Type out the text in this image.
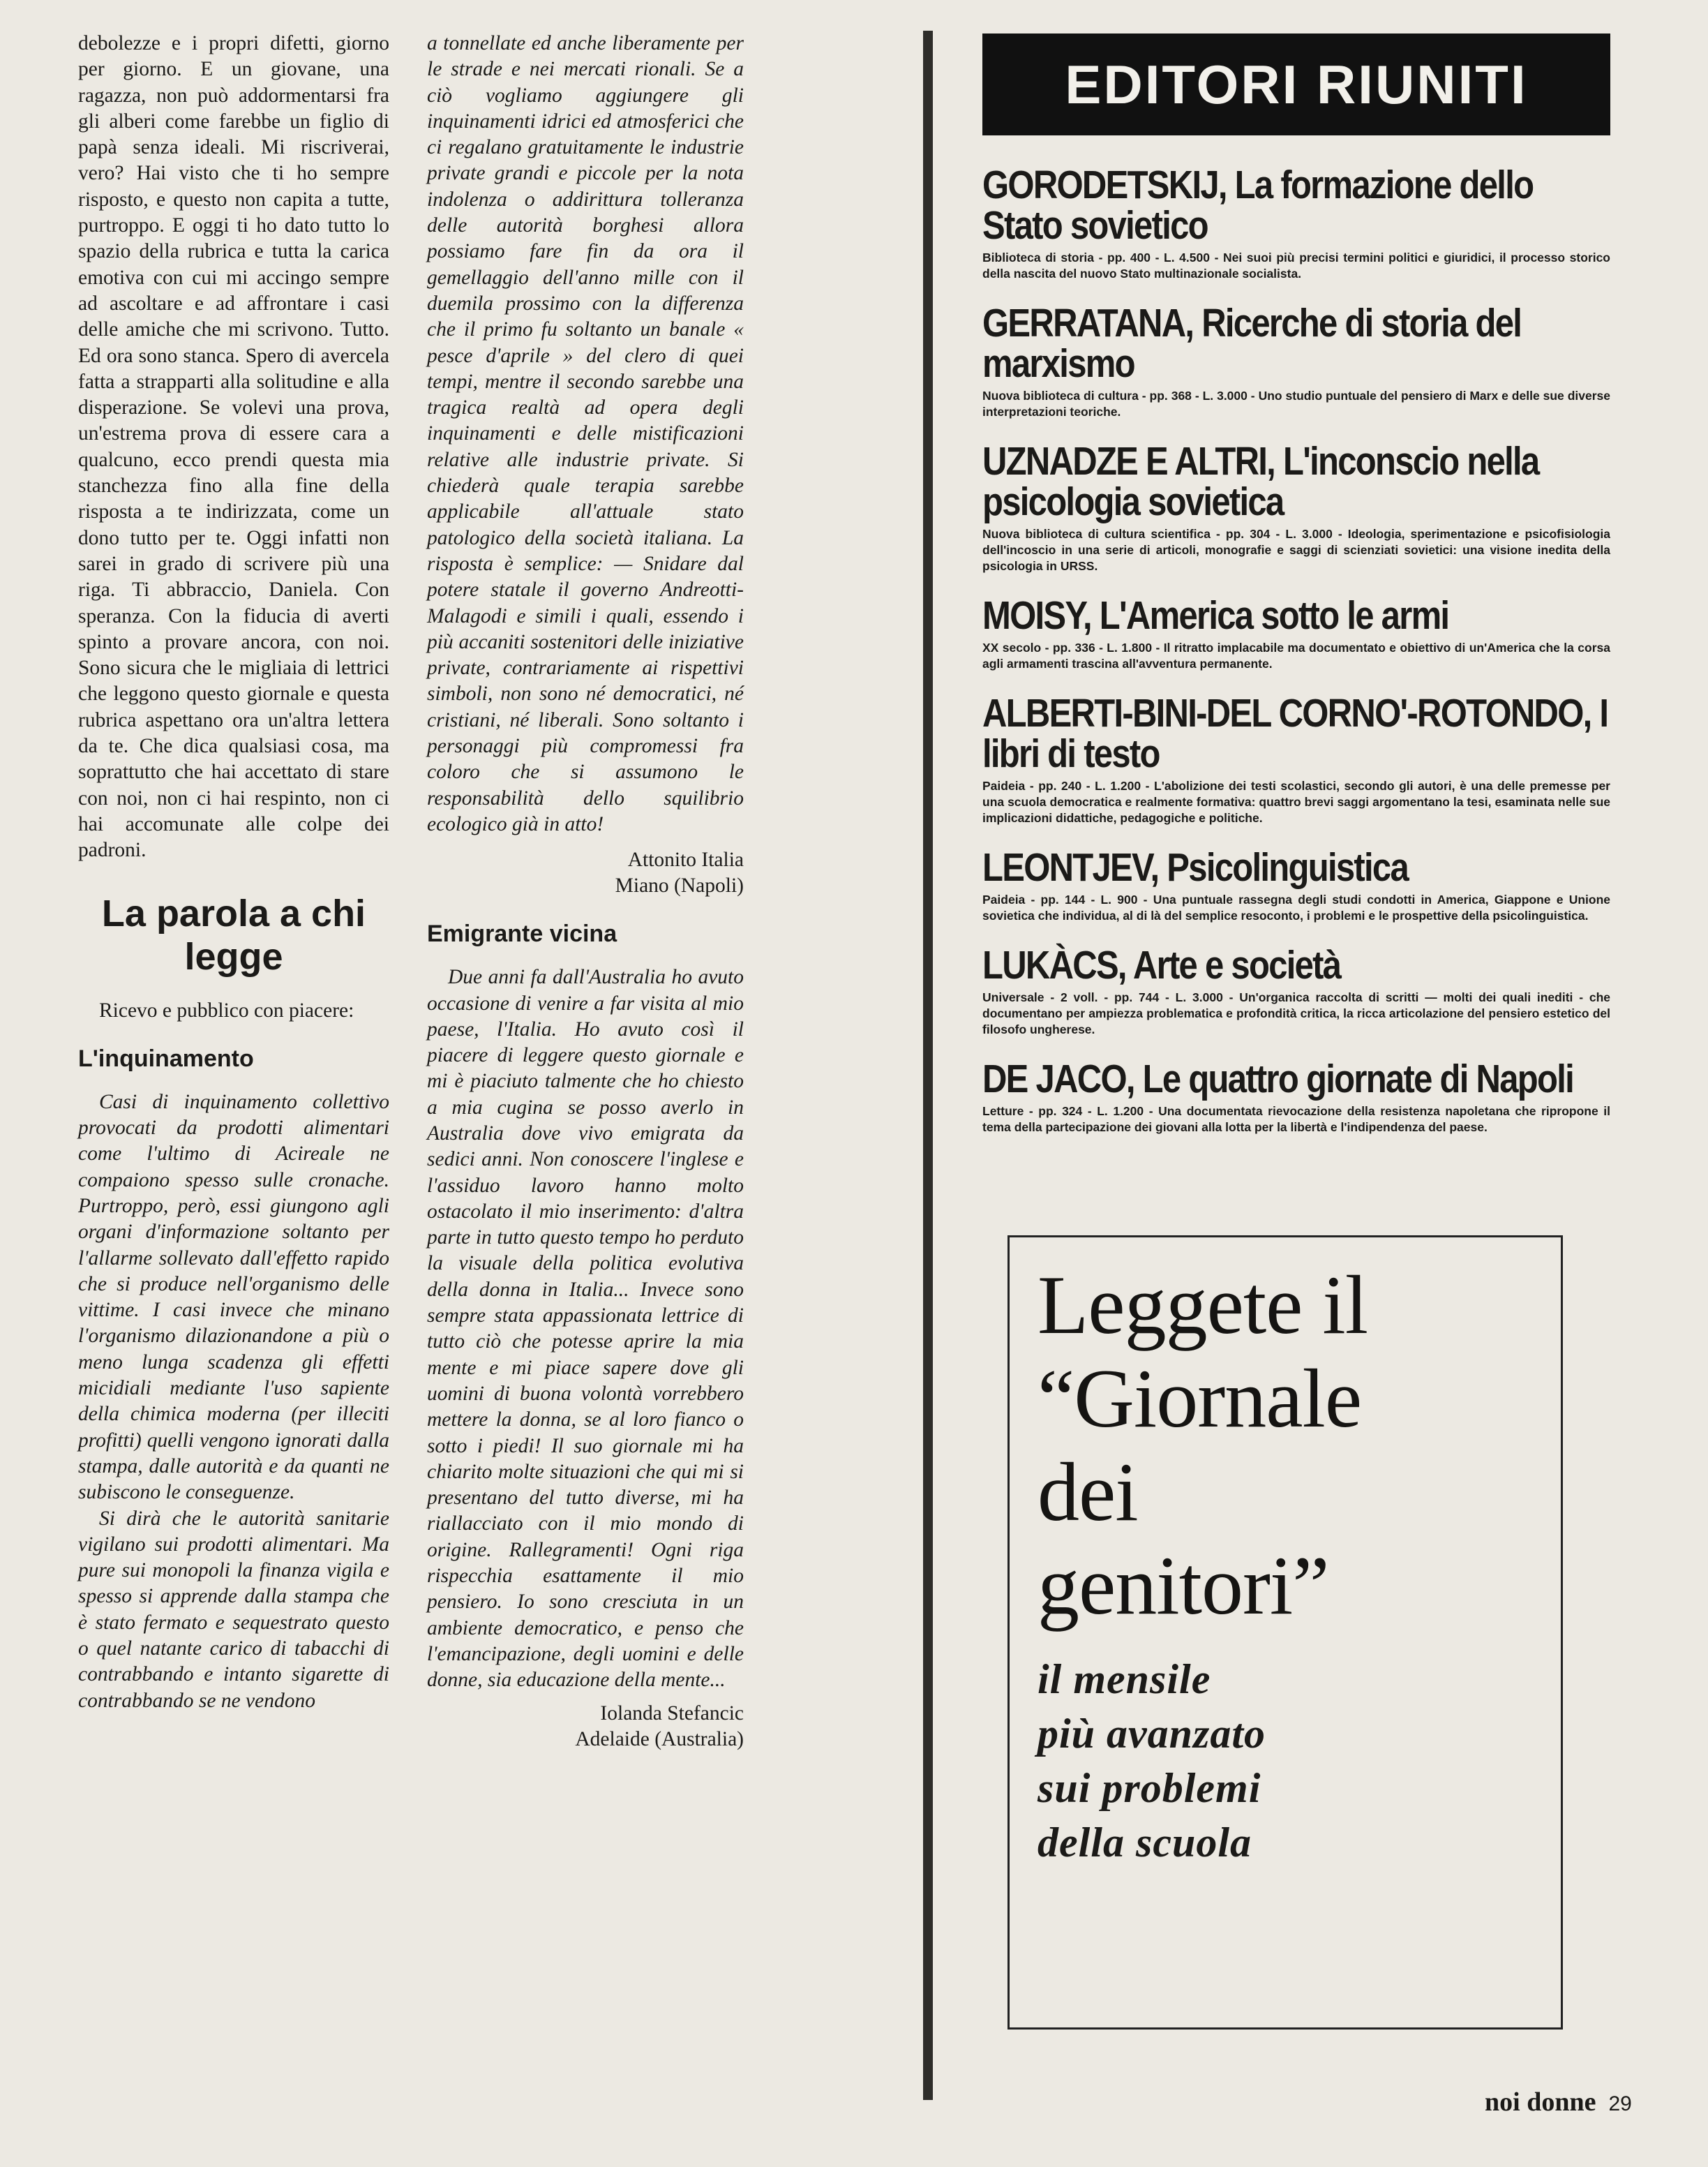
debolezze e i propri difetti, giorno per giorno. E un giovane, una ragazza, non può addormentarsi fra gli alberi come farebbe un figlio di papà senza ideali. Mi riscriverai, vero? Hai visto che ti ho sempre risposto, e questo non capita a tutte, purtroppo. E oggi ti ho dato tutto lo spazio della rubrica e tutta la carica emotiva con cui mi accingo sempre ad ascoltare e ad affrontare i casi delle amiche che mi scrivono. Tutto. Ed ora sono stanca. Spero di avercela fatta a strapparti alla solitudine e alla disperazione. Se volevi una prova, un'estrema prova di essere cara a qualcuno, ecco prendi questa mia stanchezza fino alla fine della risposta a te indirizzata, come un dono tutto per te. Oggi infatti non sarei in grado di scrivere più una riga. Ti abbraccio, Daniela. Con speranza. Con la fiducia di averti spinto a provare ancora, con noi. Sono sicura che le migliaia di lettrici che leggono questo giornale e questa rubrica aspettano ora un'altra lettera da te. Che dica qualsiasi cosa, ma soprattutto che hai accettato di stare con noi, non ci hai respinto, non ci hai accomunate alle colpe dei padroni.

La parola a chi legge

Ricevo e pubblico con piacere:

L'inquinamento

Casi di inquinamento collettivo provocati da prodotti alimentari come l'ultimo di Acireale ne compaiono spesso sulle cronache. Purtroppo, però, essi giungono agli organi d'informazione soltanto per l'allarme sollevato dall'effetto rapido che si produce nell'organismo delle vittime. I casi invece che minano l'organismo dilazionandone a più o meno lunga scadenza gli effetti micidiali mediante l'uso sapiente della chimica moderna (per illeciti profitti) quelli vengono ignorati dalla stampa, dalle autorità e da quanti ne subiscono le conseguenze.

Si dirà che le autorità sanitarie vigilano sui prodotti alimentari. Ma pure sui monopoli la finanza vigila e spesso si apprende dalla stampa che è stato fermato e sequestrato questo o quel natante carico di tabacchi di contrabbando e intanto sigarette di contrabbando se ne vendono

a tonnellate ed anche liberamente per le strade e nei mercati rionali. Se a ciò vogliamo aggiungere gli inquinamenti idrici ed atmosferici che ci regalano gratuitamente le industrie private grandi e piccole per la nota indolenza o addirittura tolleranza delle autorità borghesi allora possiamo fare fin da ora il gemellaggio dell'anno mille con il duemila prossimo con la differenza che il primo fu soltanto un banale « pesce d'aprile » del clero di quei tempi, mentre il secondo sarebbe una tragica realtà ad opera degli inquinamenti e delle mistificazioni relative alle industrie private. Si chiederà quale terapia sarebbe applicabile all'attuale stato patologico della società italiana. La risposta è semplice: — Snidare dal potere statale il governo Andreotti-Malagodi e simili i quali, essendo i più accaniti sostenitori delle iniziative private, contrariamente ai rispettivi simboli, non sono né democratici, né cristiani, né liberali. Sono soltanto i personaggi più compromessi fra coloro che si assumono le responsabilità dello squilibrio ecologico già in atto!

Attonito Italia
Miano (Napoli)
Emigrante vicina

Due anni fa dall'Australia ho avuto occasione di venire a far visita al mio paese, l'Italia. Ho avuto così il piacere di leggere questo giornale e mi è piaciuto talmente che ho chiesto a mia cugina se posso averlo in Australia dove vivo emigrata da sedici anni. Non conoscere l'inglese e l'assiduo lavoro hanno molto ostacolato il mio inserimento: d'altra parte in tutto questo tempo ho perduto la visuale della politica evolutiva della donna in Italia... Invece sono sempre stata appassionata lettrice di tutto ciò che potesse aprire la mia mente e mi piace sapere dove gli uomini di buona volontà vorrebbero mettere la donna, se al loro fianco o sotto i piedi! Il suo giornale mi ha chiarito molte situazioni che qui mi si presentano del tutto diverse, mi ha riallacciato con il mio mondo di origine. Rallegramenti! Ogni riga rispecchia esattamente il mio pensiero. Io sono cresciuta in un ambiente democratico, e penso che l'emancipazione, degli uomini e delle donne, sia educazione della mente...

Iolanda Stefancic
Adelaide (Australia)
EDITORI RIUNITI
GORODETSKIJ, La formazione dello Stato sovietico
Biblioteca di storia - pp. 400 - L. 4.500 - Nei suoi più precisi termini politici e giuridici, il processo storico della nascita del nuovo Stato multinazionale socialista.
GERRATANA, Ricerche di storia del marxismo
Nuova biblioteca di cultura - pp. 368 - L. 3.000 - Uno studio puntuale del pensiero di Marx e delle sue diverse interpretazioni teoriche.
UZNADZE E ALTRI, L'inconscio nella psicologia sovietica
Nuova biblioteca di cultura scientifica - pp. 304 - L. 3.000 - Ideologia, sperimentazione e psicofisiologia dell'incoscio in una serie di articoli, monografie e saggi di scienziati sovietici: una visione inedita della psicologia in URSS.
MOISY, L'America sotto le armi
XX secolo - pp. 336 - L. 1.800 - Il ritratto implacabile ma documentato e obiettivo di un'America che la corsa agli armamenti trascina all'avventura permanente.
ALBERTI-BINI-DEL CORNO'-ROTONDO, I libri di testo
Paideia - pp. 240 - L. 1.200 - L'abolizione dei testi scolastici, secondo gli autori, è una delle premesse per una scuola democratica e realmente formativa: quattro brevi saggi argomentano la tesi, esaminata nelle sue implicazioni didattiche, pedagogiche e politiche.
LEONTJEV, Psicolinguistica
Paideia - pp. 144 - L. 900 - Una puntuale rassegna degli studi condotti in America, Giappone e Unione sovietica che individua, al di là del semplice resoconto, i problemi e le prospettive della psicolinguistica.
LUKÀCS, Arte e società
Universale - 2 voll. - pp. 744 - L. 3.000 - Un'organica raccolta di scritti — molti dei quali inediti - che documentano per ampiezza problematica e profondità critica, la ricca articolazione del pensiero estetico del filosofo ungherese.
DE JACO, Le quattro giornate di Napoli
Letture - pp. 324 - L. 1.200 - Una documentata rievocazione della resistenza napoletana che ripropone il tema della partecipazione dei giovani alla lotta per la libertà e l'indipendenza del paese.
Leggete il
“Giornale
dei
genitori”
il mensile
più avanzato
sui problemi
della scuola
noi donne 29
